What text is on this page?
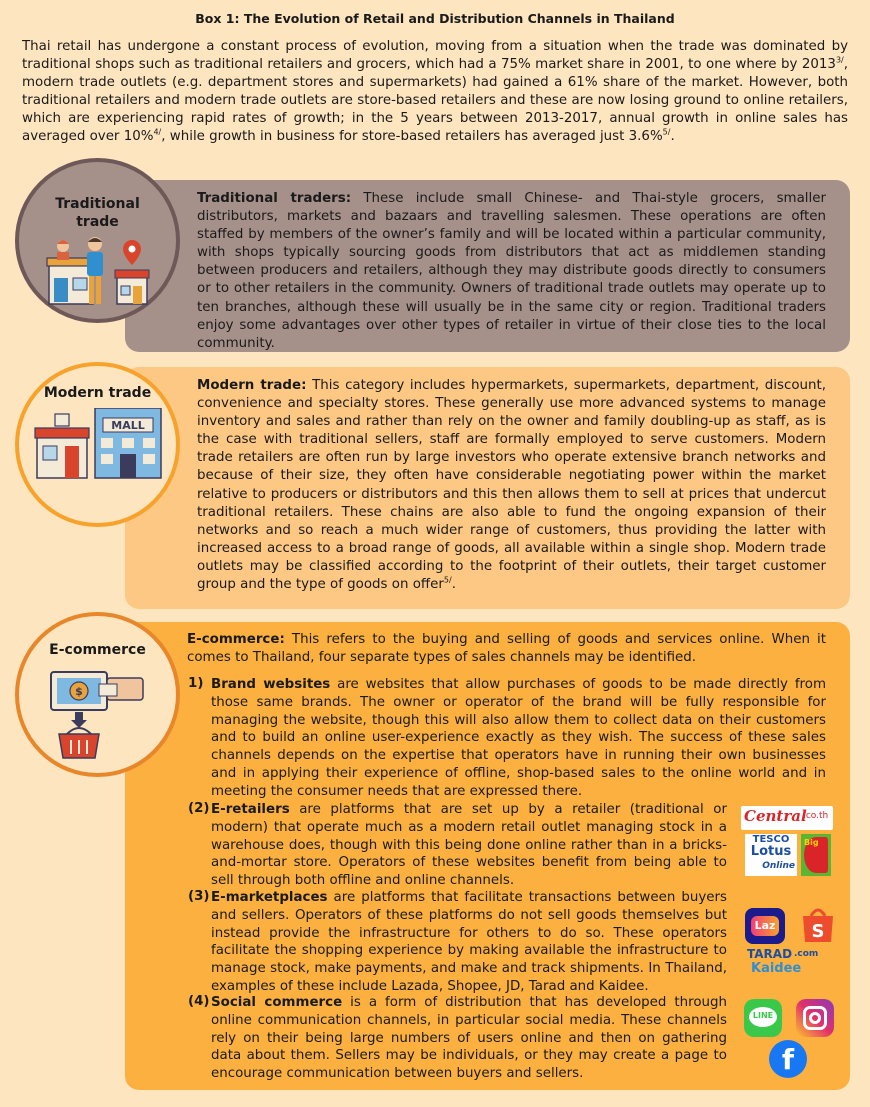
Box 1: The Evolution of Retail and Distribution Channels in Thailand
Thai retail has undergone a constant process of evolution, moving from a situation when the trade was dominated by traditional shops such as traditional retailers and grocers, which had a 75% market share in 2001, to one where by $2013^{3/}$, modern trade outlets (e.g. department stores and supermarkets) had gained a 61% share of the market. However, both traditional retailers and modern trade outlets are store-based retailers and these are now losing ground to online retailers, which are experiencing rapid rates of growth; in the 5 years between 2013-2017, annual growth in online sales has averaged over 10%$^{4/}$, while growth in business for store-based retailers has averaged just 3.6%$^{5/}$.
Traditional traders: These include small Chinese- and Thai-style grocers, smaller distributors, markets and bazaars and travelling salesmen. These operations are often staffed by members of the owner’s family and will be located within a particular community, with shops typically sourcing goods from distributors that act as middlemen standing between producers and retailers, although they may distribute goods directly to consumers or to other retailers in the community. Owners of traditional trade outlets may operate up to ten branches, although these will usually be in the same city or region. Traditional traders enjoy some advantages over other types of retailer in virtue of their close ties to the local community.
Traditional
trade
Modern trade: This category includes hypermarkets, supermarkets, department, discount, convenience and specialty stores. These generally use more advanced systems to manage inventory and sales and rather than rely on the owner and family doubling-up as staff, as is the case with traditional sellers, staff are formally employed to serve customers. Modern trade retailers are often run by large investors who operate extensive branch networks and because of their size, they often have considerable negotiating power within the market relative to producers or distributors and this then allows them to sell at prices that undercut traditional retailers. These chains are also able to fund the ongoing expansion of their networks and so reach a much wider range of customers, thus providing the latter with increased access to a broad range of goods, all available within a single shop. Modern trade outlets may be classified according to the footprint of their outlets, their target customer group and the type of goods on offer$^{5/}$.
Modern trade
MALL
E-commerce: This refers to the buying and selling of goods and services online. When it comes to Thailand, four separate types of sales channels may be identified.
E-commerce
$	Brand websites are websites that allow purchases of goods to be made directly from those same brands. The owner or operator of the brand will be fully responsible for managing the website, though this will also allow them to collect data on their customers and to build an online user-experience exactly as they wish. The success of these sales channels depends on the expertise that operators have in running their own businesses and in applying their experience of offline, shop-based sales to the online world and in meeting the consumer needs that are expressed there.
1)
E-retailers are platforms that are set up by a retailer (traditional or modern) that operate much as a modern retail outlet managing stock in a warehouse does, though with this being done online rather than in a bricks-and-mortar store. Operators of these websites benefit from being able to sell through both offline and online channels.
(2)
E-marketplaces are platforms that facilitate transactions between buyers and sellers. Operators of these platforms do not sell goods themselves but instead provide the infrastructure for others to do so. These operators facilitate the shopping experience by making available the infrastructure to manage stock, make payments, and make and track shipments. In Thailand, examples of these include Lazada, Shopee, JD, Tarad and Kaidee.
(3)
Social commerce is a form of distribution that has developed through online communication channels, in particular social media. These channels rely on their being large numbers of users online and then on gathering data about them. Sellers may be individuals, or they may create a page to encourage communication between buyers and sellers.
(4)
Central
.co.th
TESCO
Lotus
Online
Big
Laz	S
TARAD .com
Kaidee
LINE
f
